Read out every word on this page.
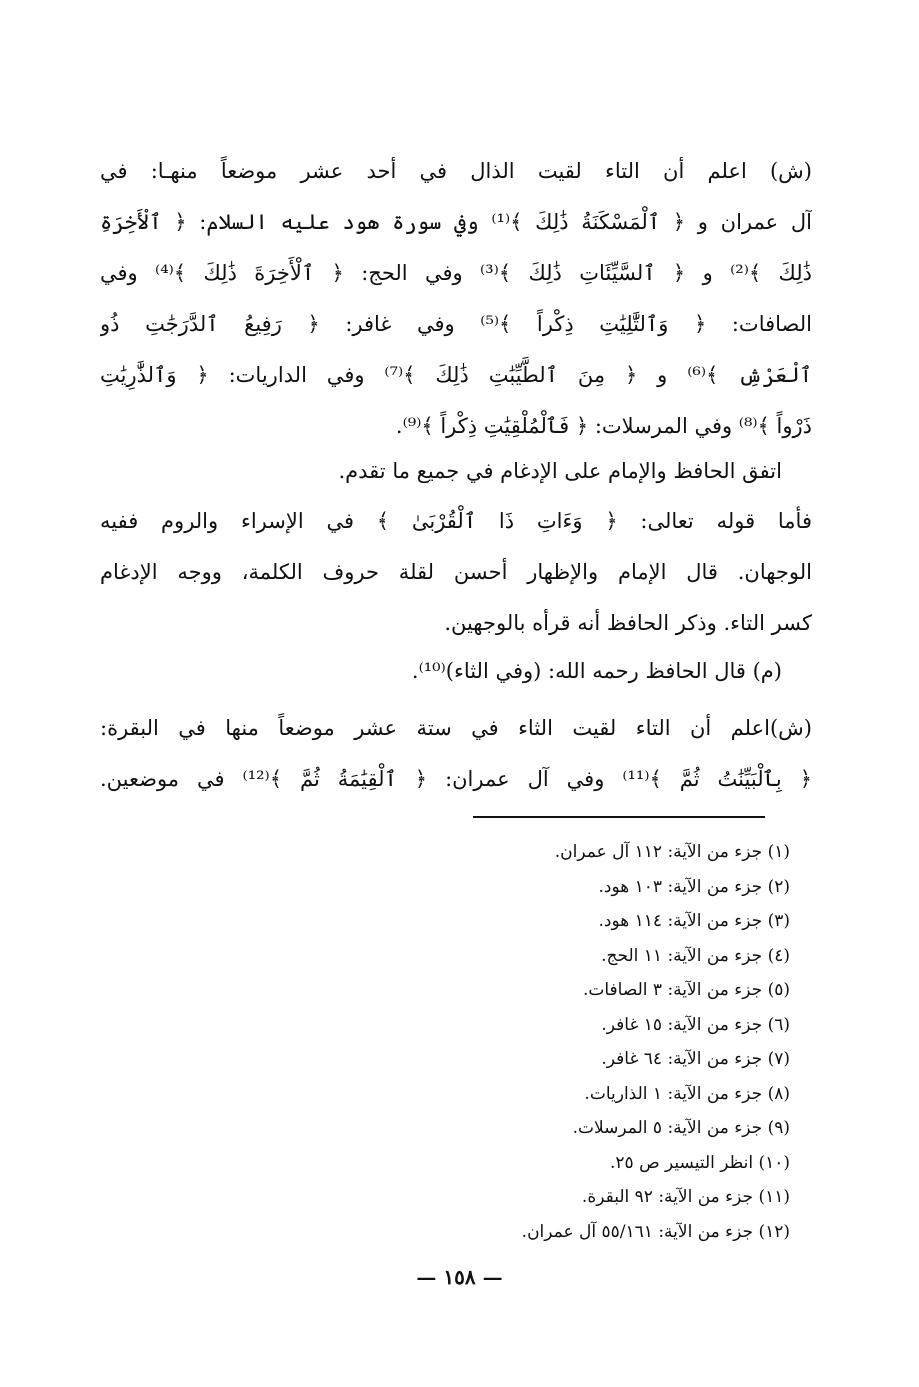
(ش) اعلم أن التاء لقيت الذال في أحد عشر موضعاً منهـا: في
آل عمران و ﴿ ٱلْمَسْكَنَةُ ذَٰلِكَ ﴾⁽¹⁾ وفي سورة هود عليه السلام: ﴿ ٱلْأَخِرَةِ
ذَٰلِكَ ﴾⁽²⁾ و ﴿ ٱلسَّيِّئَاتِ ذَٰلِكَ ﴾⁽³⁾ وفي الحج: ﴿ ٱلْأَخِرَةَ ذَٰلِكَ ﴾⁽⁴⁾ وفي
الصافات: ﴿ وَٱلتَّٰلِيَٰتِ ذِكْراً ﴾⁽⁵⁾ وفي غافر: ﴿ رَفِيعُ ٱلدَّرَجَٰتِ ذُو
ٱلْعَرْشِ ﴾⁽⁶⁾ و ﴿ مِنَ ٱلطَّيِّبَٰتِ ذَٰلِكَ ﴾⁽⁷⁾ وفي الداريات: ﴿ وَٱلذَّٰرِيَٰتِ
ذَرْواً ﴾⁽⁸⁾ وفي المرسلات: ﴿ فَٱلْمُلْقِيَٰتِ ذِكْراً ﴾⁽⁹⁾.
اتفق الحافظ والإمام على الإدغام في جميع ما تقدم.
فأما قوله تعالى: ﴿ وَءَاتِ ذَا ٱلْقُرْبَىٰ ﴾ في الإسراء والروم ففيه
الوجهان. قال الإمام والإظهار أحسن لقلة حروف الكلمة، ووجه الإدغام
كسر التاء. وذكر الحافظ أنه قرأه بالوجهين.
(م) قال الحافظ رحمه الله: (وفي الثاء)⁽¹⁰⁾.
(ش)اعلم أن التاء لقيت الثاء في ستة عشر موضعاً منها في البقرة:
﴿ بِٱلْبَيِّنَٰتُ ثُمَّ ﴾⁽¹¹⁾ وفي آل عمران: ﴿ ٱلْقِيَٰمَةُ ثُمَّ ﴾⁽¹²⁾ في موضعين.
(١) جزء من الآية: ١١٢ آل عمران.
(٢) جزء من الآية: ١٠٣ هود.
(٣) جزء من الآية: ١١٤ هود.
(٤) جزء من الآية: ١١ الحج.
(٥) جزء من الآية: ٣ الصافات.
(٦) جزء من الآية: ١٥ غافر.
(٧) جزء من الآية: ٦٤ غافر.
(٨) جزء من الآية: ١ الذاريات.
(٩) جزء من الآية: ٥ المرسلات.
(١٠) انظر التيسير ص ٢٥.
(١١) جزء من الآية: ٩٢ البقرة.
(١٢) جزء من الآية: ٥٥/١٦١ آل عمران.
— ١٥٨ —
